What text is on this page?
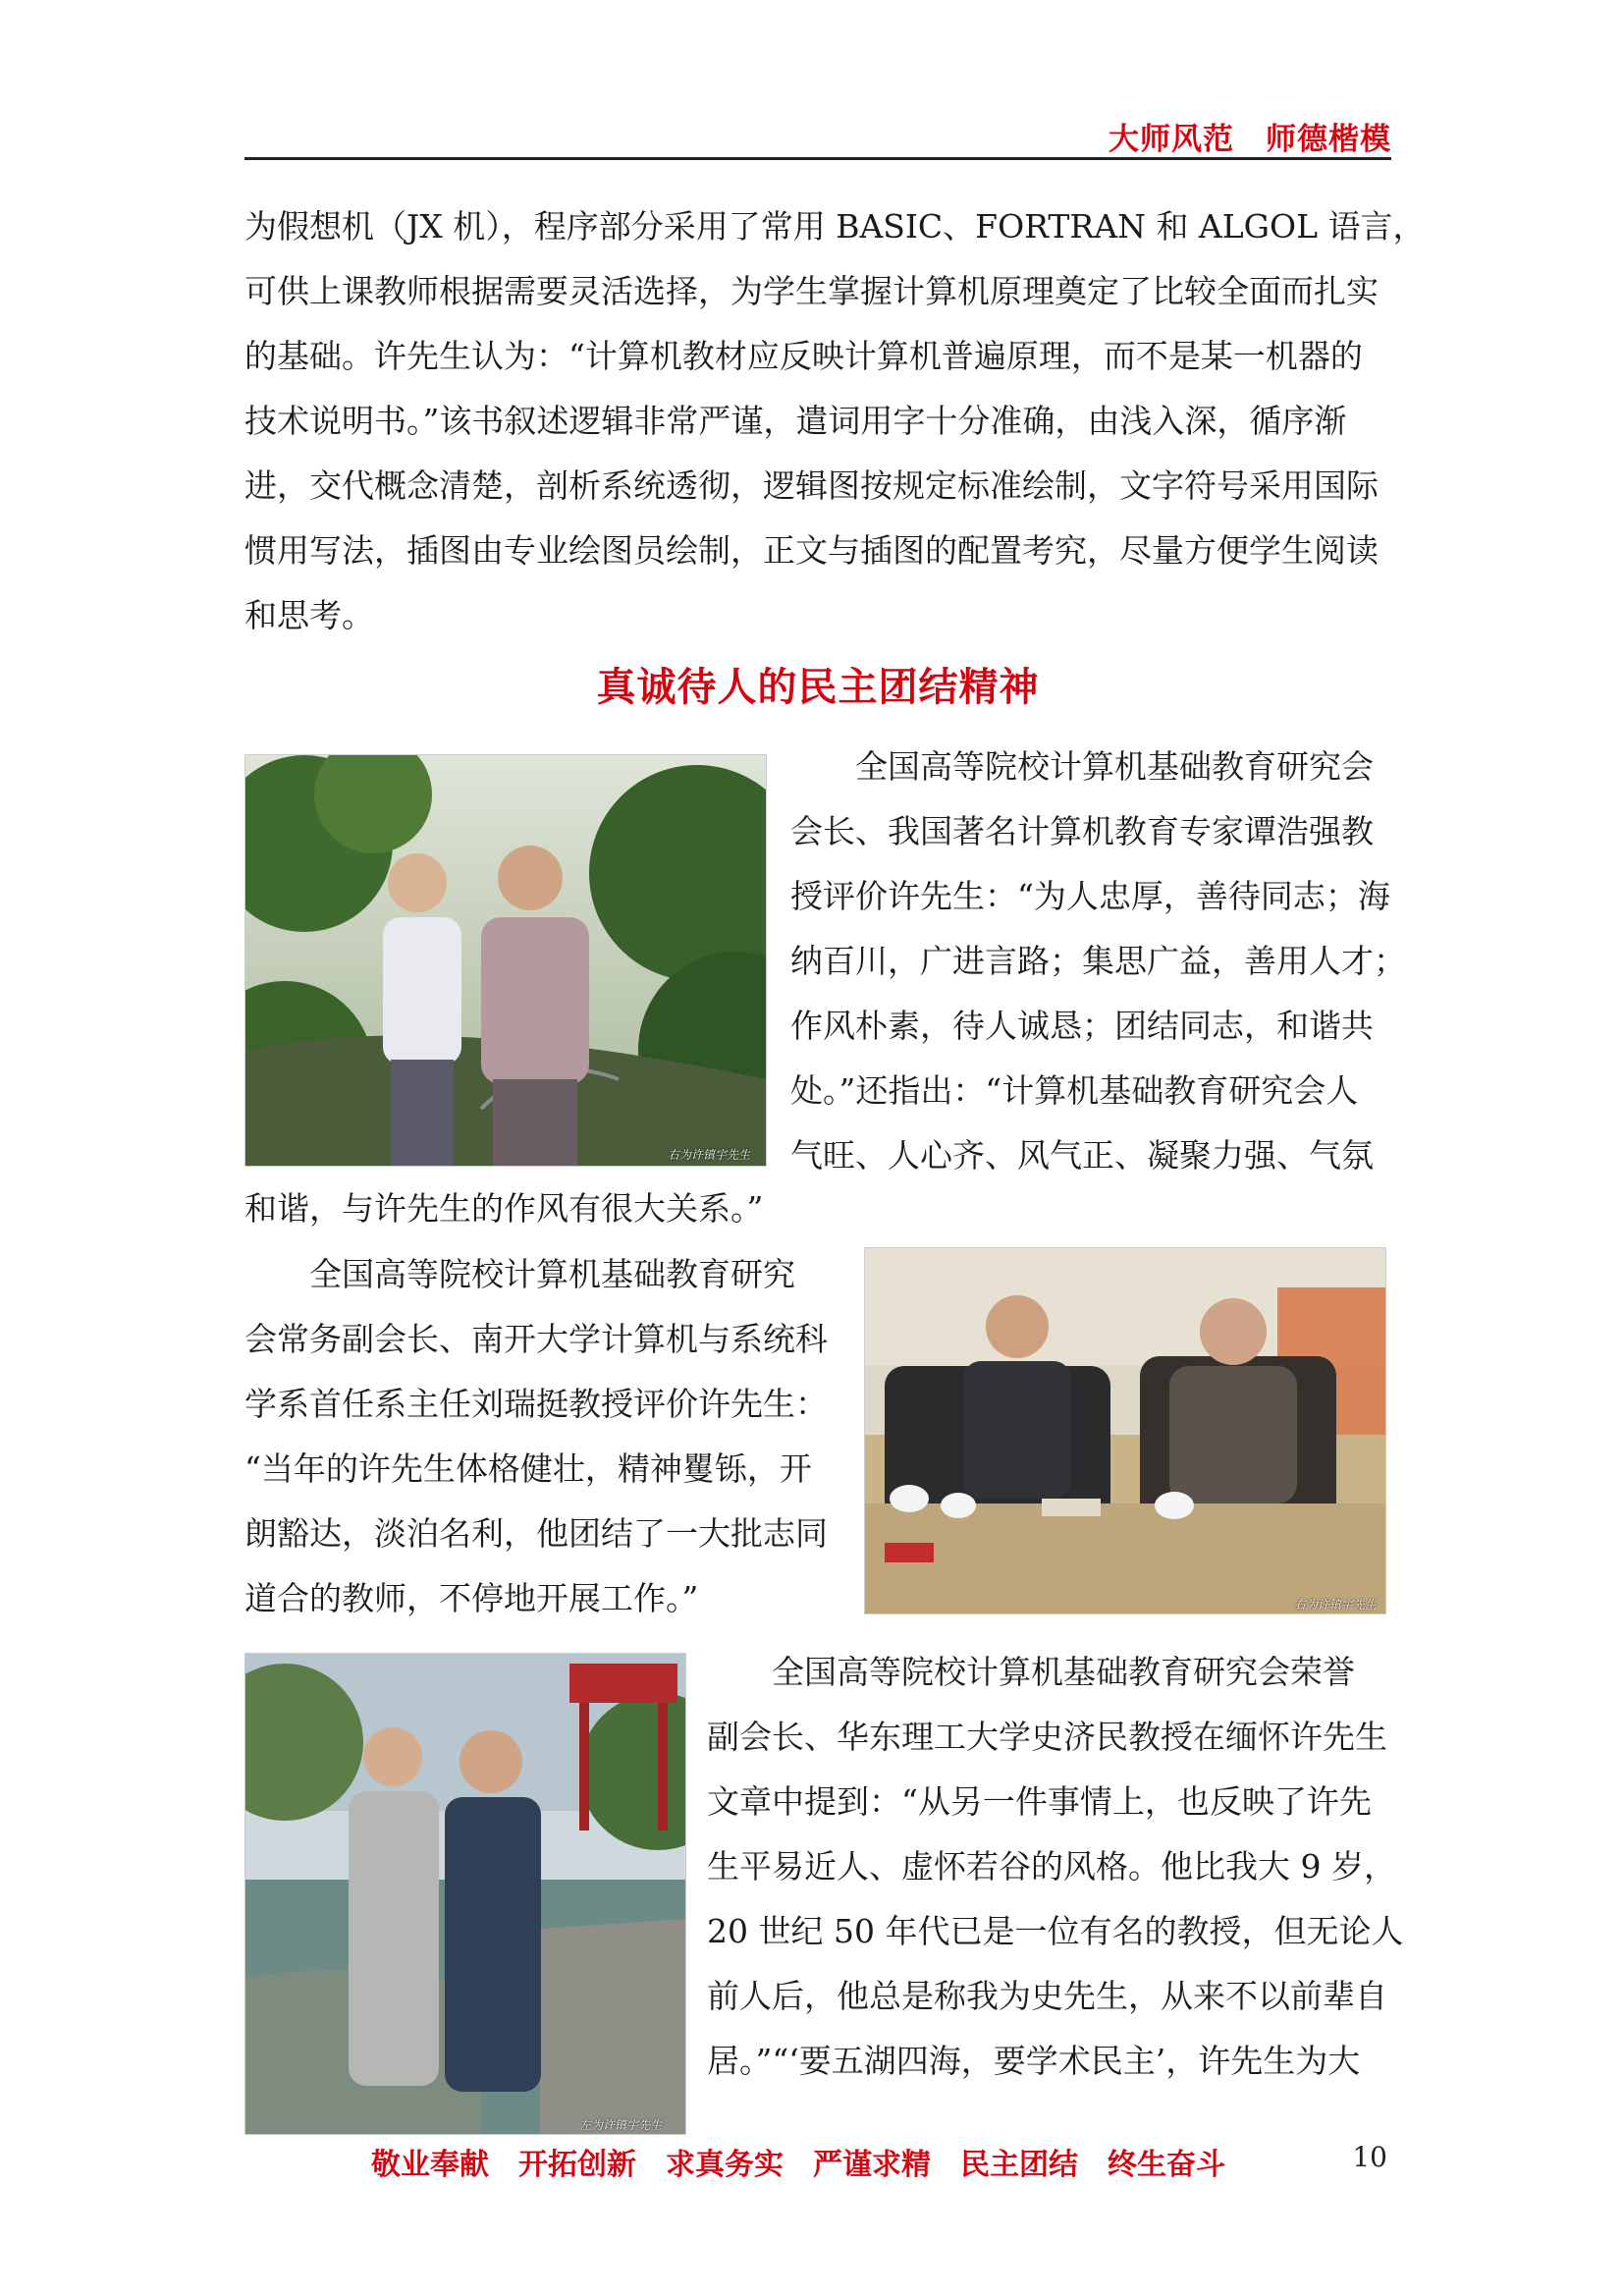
大师风范　师德楷模
为假想机（JX 机），程序部分采用了常用 BASIC、FORTRAN 和 ALGOL 语言，
可供上课教师根据需要灵活选择，为学生掌握计算机原理奠定了比较全面而扎实
的基础。许先生认为：“计算机教材应反映计算机普遍原理，而不是某一机器的
技术说明书。”该书叙述逻辑非常严谨，遣词用字十分准确，由浅入深，循序渐
进，交代概念清楚，剖析系统透彻，逻辑图按规定标准绘制，文字符号采用国际
惯用写法，插图由专业绘图员绘制，正文与插图的配置考究，尽量方便学生阅读
和思考。
真诚待人的民主团结精神
右为许镇宇先生
全国高等院校计算机基础教育研究会
会长、我国著名计算机教育专家谭浩强教
授评价许先生：“为人忠厚，善待同志；海
纳百川，广进言路；集思广益，善用人才；
作风朴素，待人诚恳；团结同志，和谐共
处。”还指出：“计算机基础教育研究会人
气旺、人心齐、风气正、凝聚力强、气氛
和谐，与许先生的作风有很大关系。”
全国高等院校计算机基础教育研究
会常务副会长、南开大学计算机与系统科
学系首任系主任刘瑞挺教授评价许先生：
“当年的许先生体格健壮，精神矍铄，开
朗豁达，淡泊名利，他团结了一大批志同
道合的教师，不停地开展工作。”	右为许镇宇先生
左为许镇宇先生
全国高等院校计算机基础教育研究会荣誉
副会长、华东理工大学史济民教授在缅怀许先生
文章中提到：“从另一件事情上，也反映了许先
生平易近人、虚怀若谷的风格。他比我大 9 岁，
20 世纪 50 年代已是一位有名的教授，但无论人
前人后，他总是称我为史先生，从来不以前辈自
居。”“‘要五湖四海，要学术民主’，许先生为大
敬业奉献　开拓创新　求真务实　严谨求精　民主团结　终生奋斗	10
